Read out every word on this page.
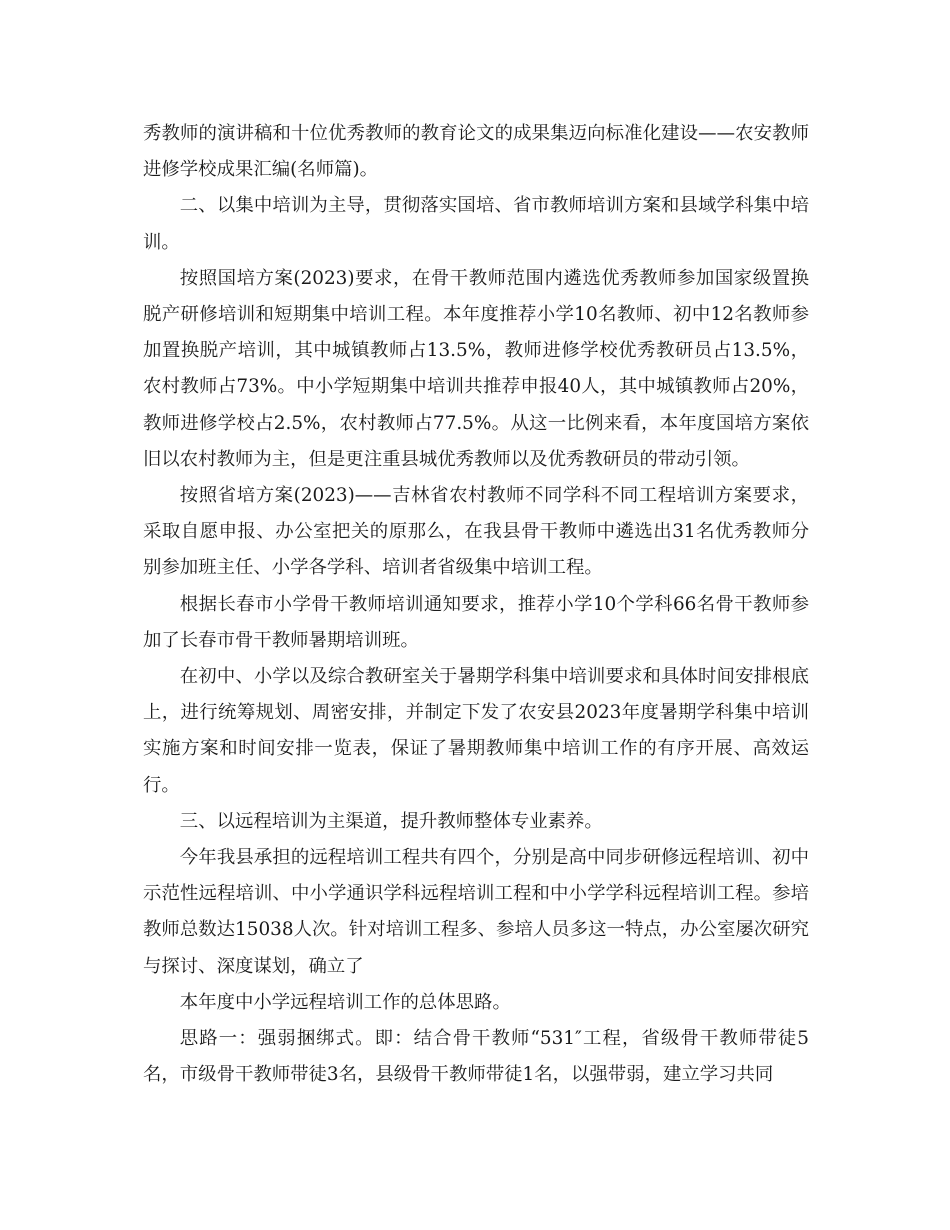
秀教师的演讲稿和十位优秀教师的教育论文的成果集迈向标准化建设——农安教师进修学校成果汇编(名师篇)。

二、以集中培训为主导，贯彻落实国培、省市教师培训方案和县域学科集中培训。

按照国培方案(2023)要求，在骨干教师范围内遴选优秀教师参加国家级置换脱产研修培训和短期集中培训工程。本年度推荐小学10名教师、初中12名教师参加置换脱产培训，其中城镇教师占13.5%，教师进修学校优秀教研员占13.5%，农村教师占73%。中小学短期集中培训共推荐申报40人，其中城镇教师占20%，教师进修学校占2.5%，农村教师占77.5%。从这一比例来看，本年度国培方案依旧以农村教师为主，但是更注重县城优秀教师以及优秀教研员的带动引领。

按照省培方案(2023)——吉林省农村教师不同学科不同工程培训方案要求，采取自愿申报、办公室把关的原那么，在我县骨干教师中遴选出31名优秀教师分别参加班主任、小学各学科、培训者省级集中培训工程。

根据长春市小学骨干教师培训通知要求，推荐小学10个学科66名骨干教师参加了长春市骨干教师暑期培训班。

在初中、小学以及综合教研室关于暑期学科集中培训要求和具体时间安排根底上，进行统筹规划、周密安排，并制定下发了农安县2023年度暑期学科集中培训实施方案和时间安排一览表，保证了暑期教师集中培训工作的有序开展、高效运行。

三、以远程培训为主渠道，提升教师整体专业素养。

今年我县承担的远程培训工程共有四个，分别是高中同步研修远程培训、初中示范性远程培训、中小学通识学科远程培训工程和中小学学科远程培训工程。参培教师总数达15038人次。针对培训工程多、参培人员多这一特点，办公室屡次研究与探讨、深度谋划，确立了

本年度中小学远程培训工作的总体思路。

思路一：强弱捆绑式。即：结合骨干教师“531″工程，省级骨干教师带徒5名，市级骨干教师带徒3名，县级骨干教师带徒1名，以强带弱，建立学习共同
